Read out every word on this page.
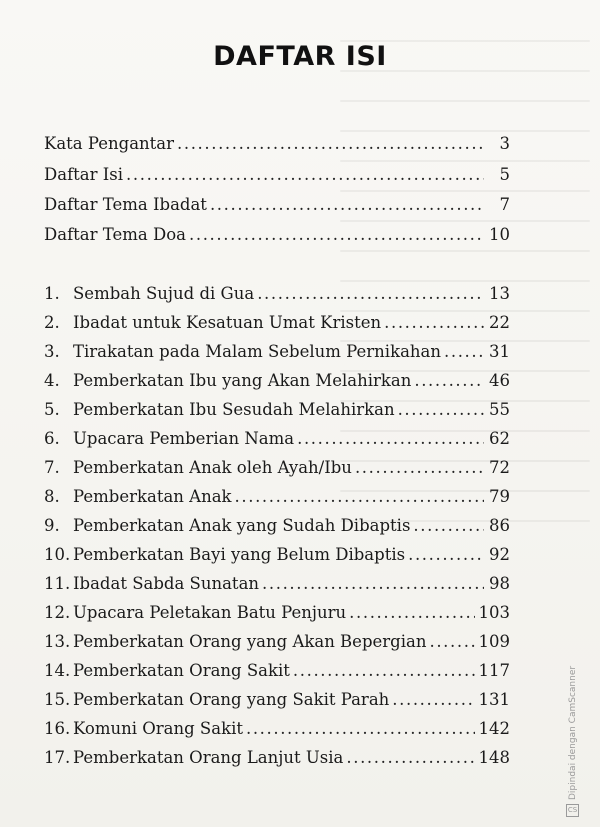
DAFTAR ISI
Kata Pengantar .....	3
Daftar Isi .....	5
Daftar Tema Ibadat .....	7
Daftar Tema Doa .....	10
1. Sembah Sujud di Gua .....	13
2. Ibadat untuk Kesatuan Umat Kristen .....	22
3. Tirakatan pada Malam Sebelum Pernikahan .....	31
4. Pemberkatan Ibu yang Akan Melahirkan .....	46
5. Pemberkatan Ibu Sesudah Melahirkan .....	55
6. Upacara Pemberian Nama .....	62
7. Pemberkatan Anak oleh Ayah/Ibu .....	72
8. Pemberkatan Anak .....	79
9. Pemberkatan Anak yang Sudah Dibaptis .....	86
10. Pemberkatan Bayi yang Belum Dibaptis .....	92
11. Ibadat Sabda Sunatan .....	98
12. Upacara Peletakan Batu Penjuru .....	103
13. Pemberkatan Orang yang Akan Bepergian .....	109
14. Pemberkatan Orang Sakit .....	117
15. Pemberkatan Orang yang Sakit Parah .....	131
16. Komuni Orang Sakit .....	142
17. Pemberkatan Orang Lanjut Usia .....	148
CS
Dipindai dengan CamScanner
